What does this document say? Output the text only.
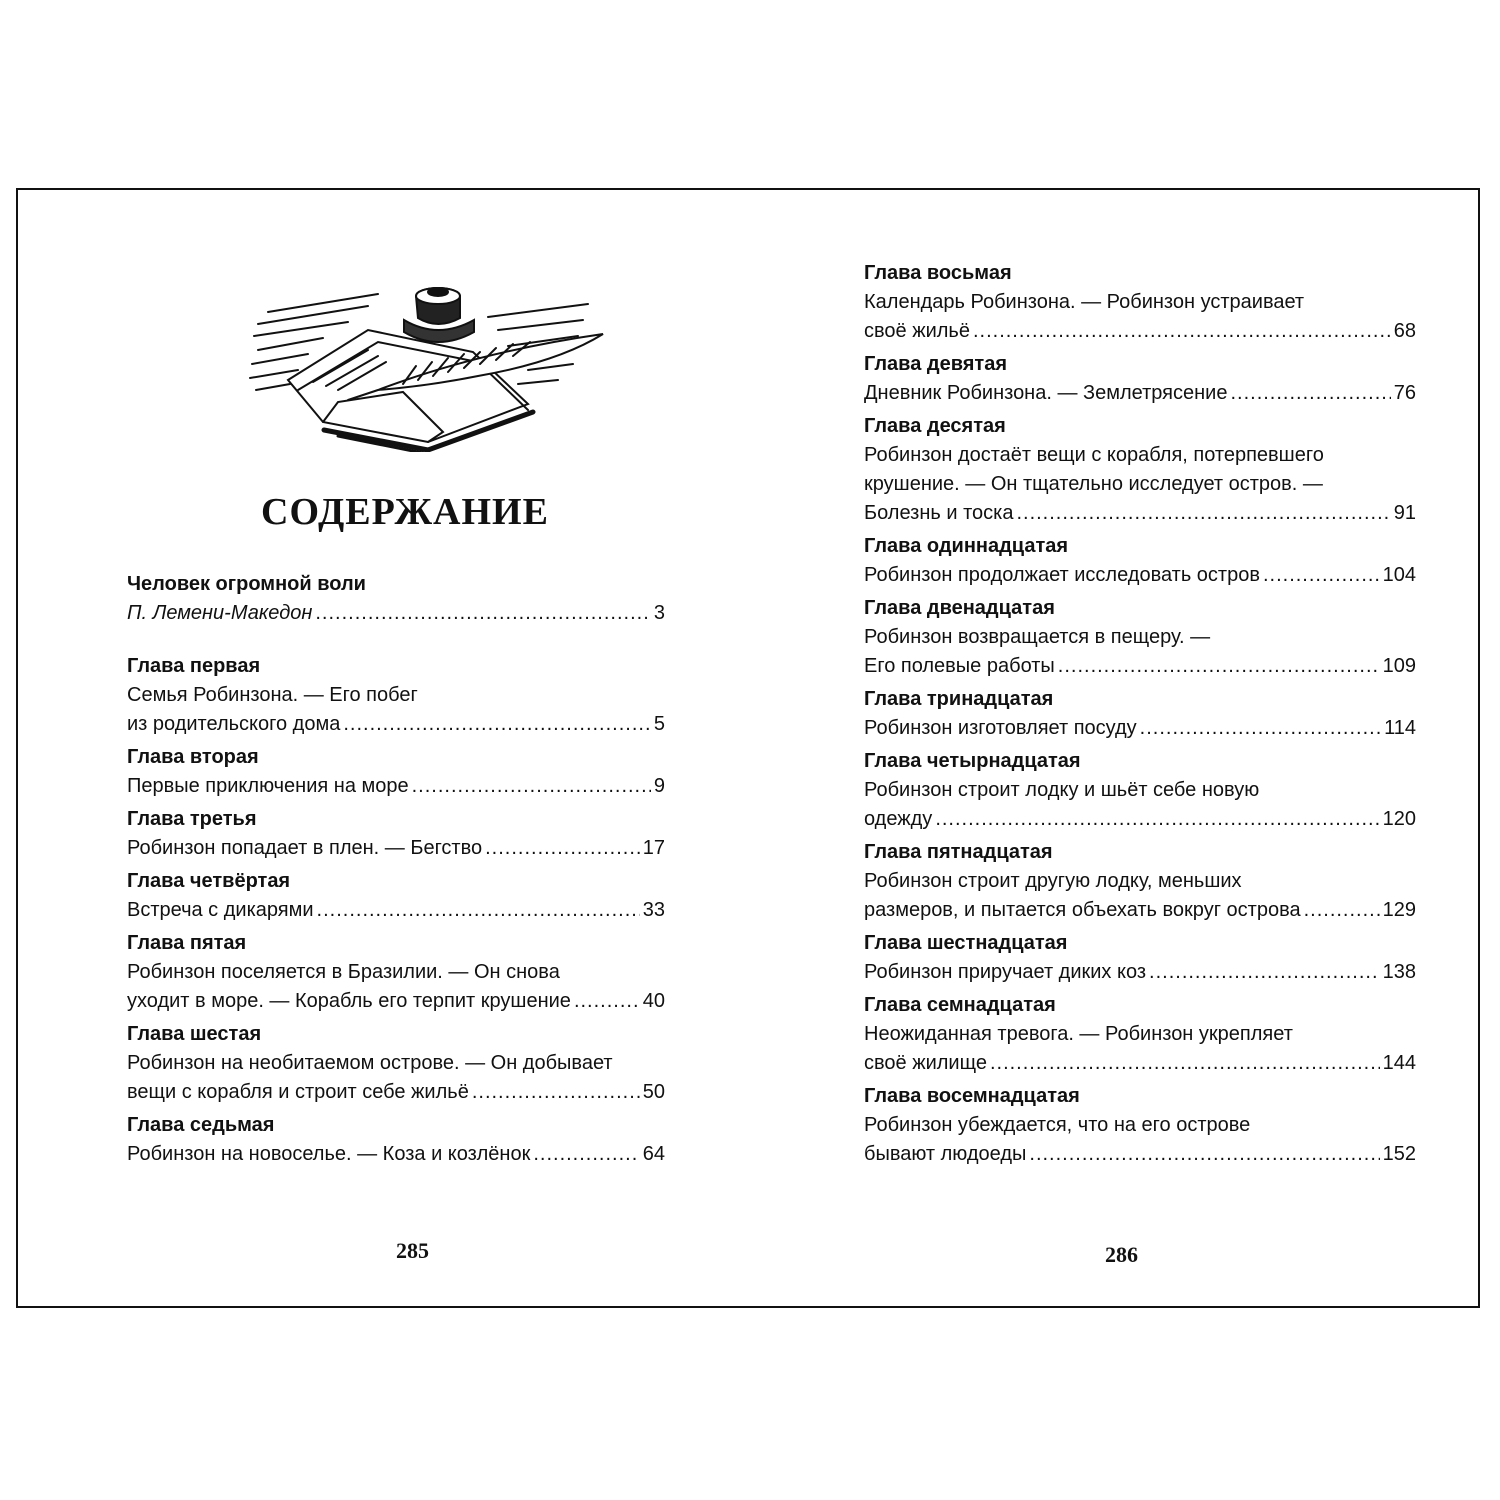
СОДЕРЖАНИЕ
Человек огромной воли
П. Лемени-Македон .....	3
Глава первая
Семья Робинзона. — Его побег
из родительского дома .....	5
Глава вторая
Первые приключения на море .....	9
Глава третья
Робинзон попадает в плен. — Бегство .....	17
Глава четвёртая
Встреча с дикарями .....	33
Глава пятая
Робинзон поселяется в Бразилии. — Он снова
уходит в море. — Корабль его терпит крушение .....	40
Глава шестая
Робинзон на необитаемом острове. — Он добывает
вещи с корабля и строит себе жильё .....	50
Глава седьмая
Робинзон на новоселье. — Коза и козлёнок .....	64
285
Глава восьмая
Календарь Робинзона. — Робинзон устраивает
своё жильё .....	68
Глава девятая
Дневник Робинзона. — Землетрясение .....	76
Глава десятая
Робинзон достаёт вещи с корабля, потерпевшего
крушение. — Он тщательно исследует остров. —
Болезнь и тоска .....	91
Глава одиннадцатая
Робинзон продолжает исследовать остров .....	104
Глава двенадцатая
Робинзон возвращается в пещеру. —
Его полевые работы .....	109
Глава тринадцатая
Робинзон изготовляет посуду .....	114
Глава четырнадцатая
Робинзон строит лодку и шьёт себе новую
одежду .....	120
Глава пятнадцатая
Робинзон строит другую лодку, меньших
размеров, и пытается объехать вокруг острова .....	129
Глава шестнадцатая
Робинзон приручает диких коз .....	138
Глава семнадцатая
Неожиданная тревога. — Робинзон укрепляет
своё жилище .....	144
Глава восемнадцатая
Робинзон убеждается, что на его острове
бывают людоеды .....	152
286
